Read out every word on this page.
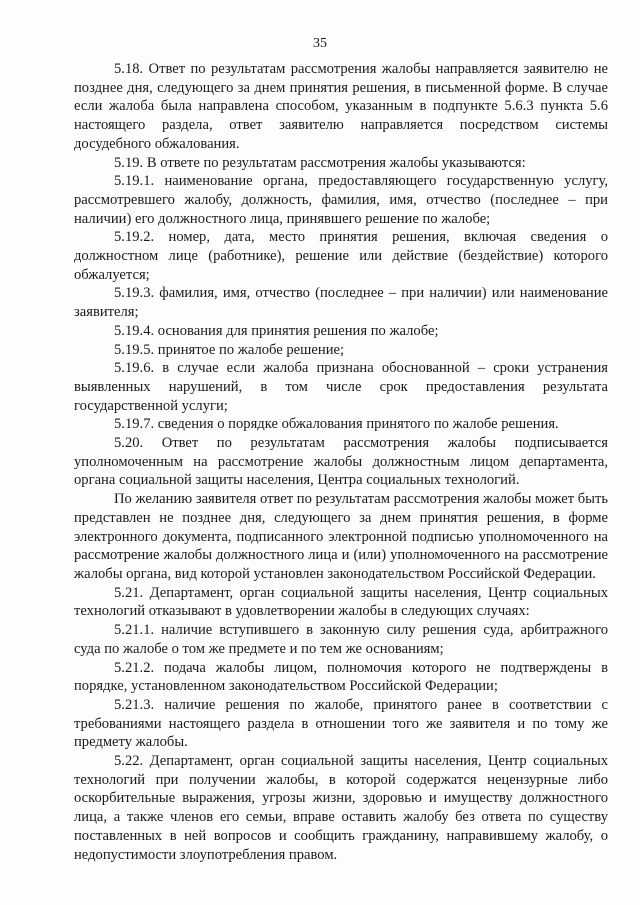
35

5.18. Ответ по результатам рассмотрения жалобы направляется заявителю не позднее дня, следующего за днем принятия решения, в письменной форме. В случае если жалоба была направлена способом, указанным в подпункте 5.6.3 пункта 5.6 настоящего раздела, ответ заявителю направляется посредством системы досудебного обжалования.

5.19. В ответе по результатам рассмотрения жалобы указываются:

5.19.1. наименование органа, предоставляющего государственную услугу, рассмотревшего жалобу, должность, фамилия, имя, отчество (последнее – при наличии) его должностного лица, принявшего решение по жалобе;

5.19.2. номер, дата, место принятия решения, включая сведения о должностном лице (работнике), решение или действие (бездействие) которого обжалуется;

5.19.3. фамилия, имя, отчество (последнее – при наличии) или наименование заявителя;

5.19.4. основания для принятия решения по жалобе;

5.19.5. принятое по жалобе решение;

5.19.6. в случае если жалоба признана обоснованной – сроки устранения выявленных нарушений, в том числе срок предоставления результата государственной услуги;

5.19.7. сведения о порядке обжалования принятого по жалобе решения.

5.20. Ответ по результатам рассмотрения жалобы подписывается уполномоченным на рассмотрение жалобы должностным лицом департамента, органа социальной защиты населения, Центра социальных технологий.

По желанию заявителя ответ по результатам рассмотрения жалобы может быть представлен не позднее дня, следующего за днем принятия решения, в форме электронного документа, подписанного электронной подписью уполномоченного на рассмотрение жалобы должностного лица и (или) уполномоченного на рассмотрение жалобы органа, вид которой установлен законодательством Российской Федерации.

5.21. Департамент, орган социальной защиты населения, Центр социальных технологий отказывают в удовлетворении жалобы в следующих случаях:

5.21.1. наличие вступившего в законную силу решения суда, арбитражного суда по жалобе о том же предмете и по тем же основаниям;

5.21.2. подача жалобы лицом, полномочия которого не подтверждены в порядке, установленном законодательством Российской Федерации;

5.21.3. наличие решения по жалобе, принятого ранее в соответствии с требованиями настоящего раздела в отношении того же заявителя и по тому же предмету жалобы.

5.22. Департамент, орган социальной защиты населения, Центр социальных технологий при получении жалобы, в которой содержатся нецензурные либо оскорбительные выражения, угрозы жизни, здоровью и имуществу должностного лица, а также членов его семьи, вправе оставить жалобу без ответа по существу поставленных в ней вопросов и сообщить гражданину, направившему жалобу, о недопустимости злоупотребления правом.
